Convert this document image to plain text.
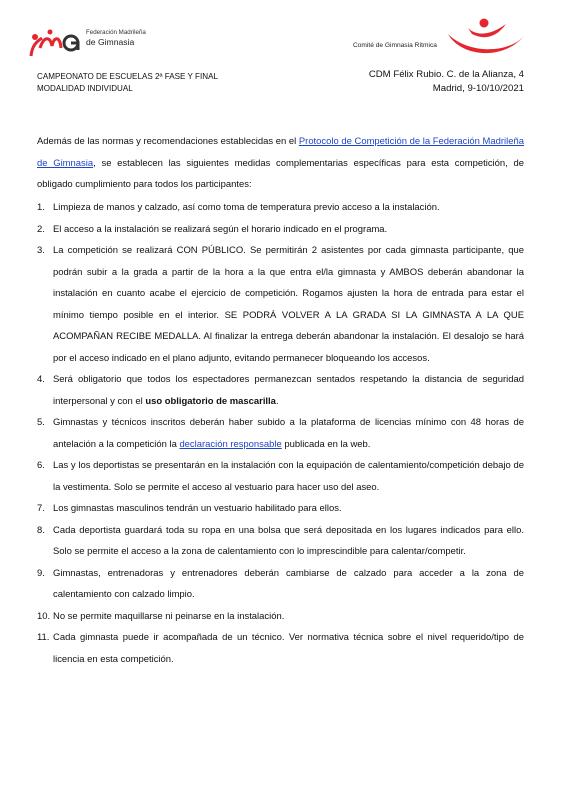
Federación Madrileña
de Gimnasia	Comité de Gimnasia Rítmica
CAMPEONATO DE ESCUELAS 2ª FASE Y FINAL
MODALIDAD INDIVIDUAL
CDM Félix Rubio. C. de la Alianza, 4
Madrid, 9-10/10/2021
Además de las normas y recomendaciones establecidas en el Protocolo de Competición de la Federación Madrileña de Gimnasia, se establecen las siguientes medidas complementarias específicas para esta competición, de obligado cumplimiento para todos los participantes:
1. Limpieza de manos y calzado, así como toma de temperatura previo acceso a la instalación.
2. El acceso a la instalación se realizará según el horario indicado en el programa.
3. La competición se realizará CON PÚBLICO. Se permitirán 2 asistentes por cada gimnasta participante, que podrán subir a la grada a partir de la hora a la que entra el/la gimnasta y AMBOS deberán abandonar la instalación en cuanto acabe el ejercicio de competición. Rogamos ajusten la hora de entrada para estar el mínimo tiempo posible en el interior. SE PODRÁ VOLVER A LA GRADA SI LA GIMNASTA A LA QUE ACOMPAÑAN RECIBE MEDALLA. Al finalizar la entrega deberán abandonar la instalación. El desalojo se hará por el acceso indicado en el plano adjunto, evitando permanecer bloqueando los accesos.
4. Será obligatorio que todos los espectadores permanezcan sentados respetando la distancia de seguridad interpersonal y con el uso obligatorio de mascarilla.
5. Gimnastas y técnicos inscritos deberán haber subido a la plataforma de licencias mínimo con 48 horas de antelación a la competición la declaración responsable publicada en la web.
6. Las y los deportistas se presentarán en la instalación con la equipación de calentamiento/competición debajo de la vestimenta. Solo se permite el acceso al vestuario para hacer uso del aseo.
7. Los gimnastas masculinos tendrán un vestuario habilitado para ellos.
8. Cada deportista guardará toda su ropa en una bolsa que será depositada en los lugares indicados para ello. Solo se permite el acceso a la zona de calentamiento con lo imprescindible para calentar/competir.
9. Gimnastas, entrenadoras y entrenadores deberán cambiarse de calzado para acceder a la zona de calentamiento con calzado limpio.
10. No se permite maquillarse ni peinarse en la instalación.
11. Cada gimnasta puede ir acompañada de un técnico. Ver normativa técnica sobre el nivel requerido/tipo de licencia en esta competición.
